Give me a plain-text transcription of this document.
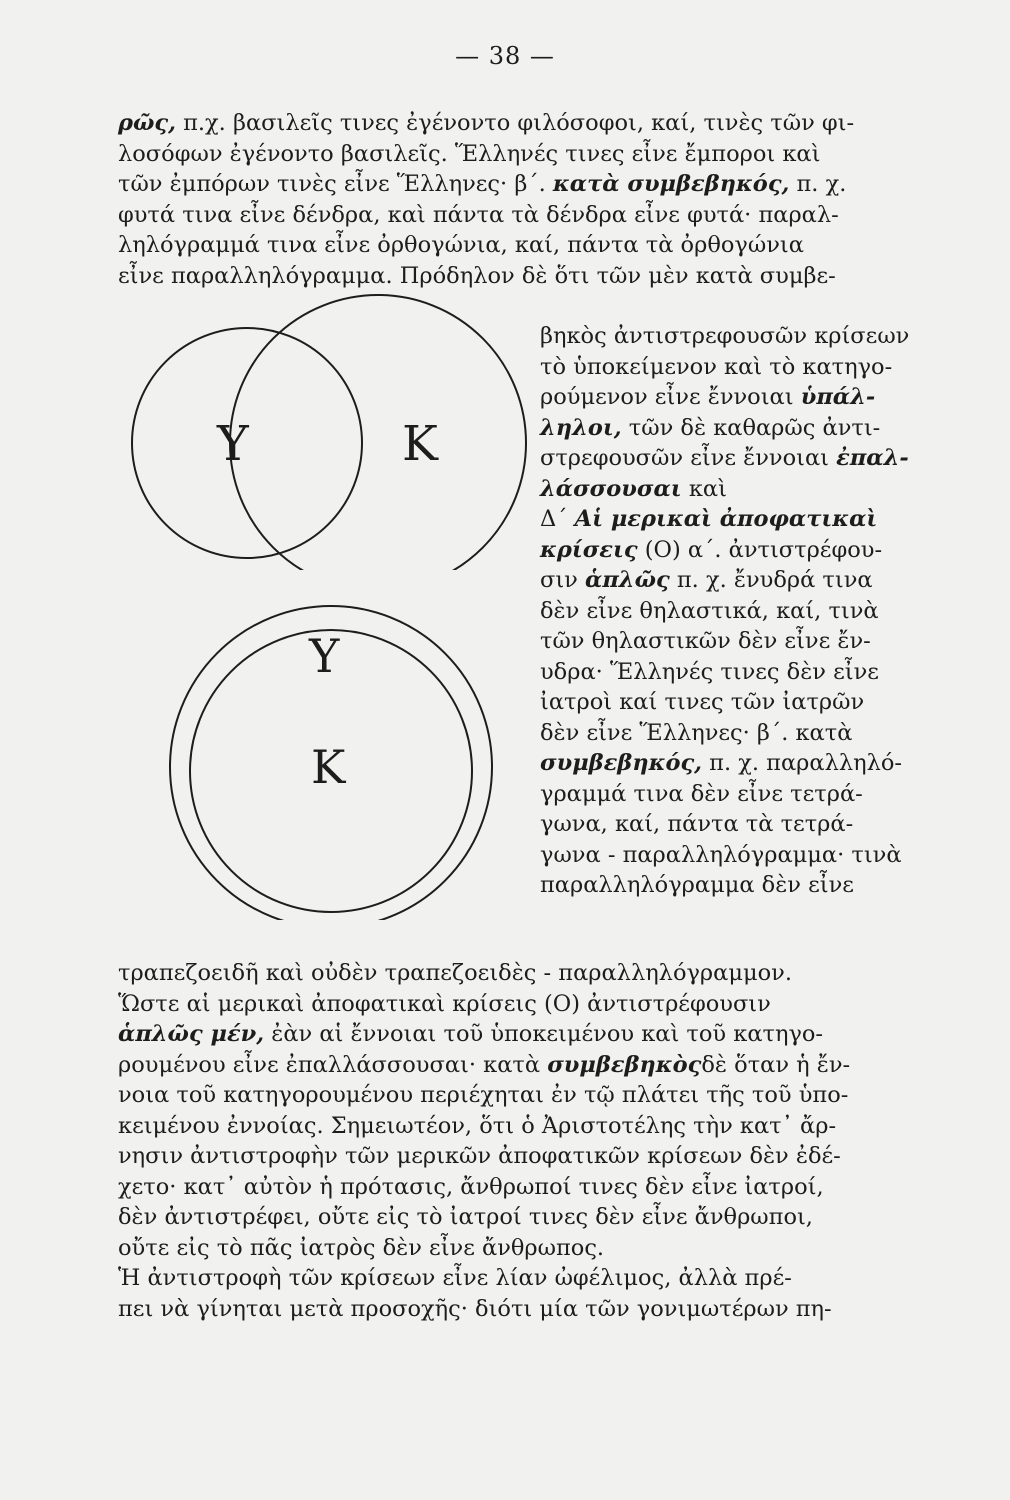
— 38 —
ρῶς, π.χ. βασιλεῖς τινες ἐγένοντο φιλόσοφοι, καί, τινὲς τῶν φι-
λοσόφων ἐγένοντο βασιλεῖς. Ἕλληνές τινες εἶνε ἔμποροι καὶ
τῶν ἐμπόρων τινὲς εἶνε Ἕλληνες· β΄. κατὰ συμβεβηκός, π. χ.
φυτά τινα εἶνε δένδρα, καὶ πάντα τὰ δένδρα εἶνε φυτά· παραλ-
ληλόγραμμά τινα εἶνε ὀρθογώνια, καί, πάντα τὰ ὀρθογώνια
εἶνε παραλληλόγραμμα. Πρόδηλον δὲ ὅτι τῶν μὲν κατὰ συμβε-
βηκὸς ἀντιστρεφουσῶν κρίσεων
τὸ ὑποκείμενον καὶ τὸ κατηγο-
ρούμενον εἶνε ἔννοιαι ὑπάλ-
ληλοι, τῶν δὲ καθαρῶς ἀντι-
στρεφουσῶν εἶνε ἔννοιαι ἐπαλ-
λάσσουσαι καὶ
Δ΄ Αἱ μερικαὶ ἀποφατικαὶ
κρίσεις (Ο) α΄. ἀντιστρέφου-
σιν ἁπλῶς π. χ. ἔνυδρά τινα
δὲν εἶνε θηλαστικά, καί, τινὰ
τῶν θηλαστικῶν δὲν εἶνε ἔν-
υδρα· Ἕλληνές τινες δὲν εἶνε
ἰατροὶ καί τινες τῶν ἰατρῶν
δὲν εἶνε Ἕλληνες· β΄. κατὰ
συμβεβηκός, π. χ. παραλληλό-
γραμμά τινα δὲν εἶνε τετρά-
γωνα, καί, πάντα τὰ τετρά-
γωνα - παραλληλόγραμμα· τινὰ
παραλληλόγραμμα δὲν εἶνε
τραπεζοειδῆ καὶ οὐδὲν τραπεζοειδὲς - παραλληλόγραμμον.
Ὥστε αἱ μερικαὶ ἀποφατικαὶ κρίσεις (Ο) ἀντιστρέφουσιν
ἁπλῶς μέν, ἐὰν αἱ ἔννοιαι τοῦ ὑποκειμένου καὶ τοῦ κατηγο-
ρουμένου εἶνε ἐπαλλάσσουσαι· κατὰ συμβεβηκὸςδὲ ὅταν ἡ ἔν-
νοια τοῦ κατηγορουμένου περιέχηται ἐν τῷ πλάτει τῆς τοῦ ὑπο-
κειμένου ἐννοίας. Σημειωτέον, ὅτι ὁ Ἀριστοτέλης τὴν κατ᾽ ἄρ-
νησιν ἀντιστροφὴν τῶν μερικῶν ἀποφατικῶν κρίσεων δὲν ἐδέ-
χετο· κατ᾽ αὐτὸν ἡ πρότασις, ἄνθρωποί τινες δὲν εἶνε ἰατροί,
δὲν ἀντιστρέφει, οὔτε εἰς τὸ ἰατροί τινες δὲν εἶνε ἄνθρωποι,
οὔτε εἰς τὸ πᾶς ἰατρὸς δὲν εἶνε ἄνθρωπος.
Ἡ ἀντιστροφὴ τῶν κρίσεων εἶνε λίαν ὠφέλιμος, ἀλλὰ πρέ-
πει νὰ γίνηται μετὰ προσοχῆς· διότι μία τῶν γονιμωτέρων πη-
Υ	Κ
Υ
Κ
